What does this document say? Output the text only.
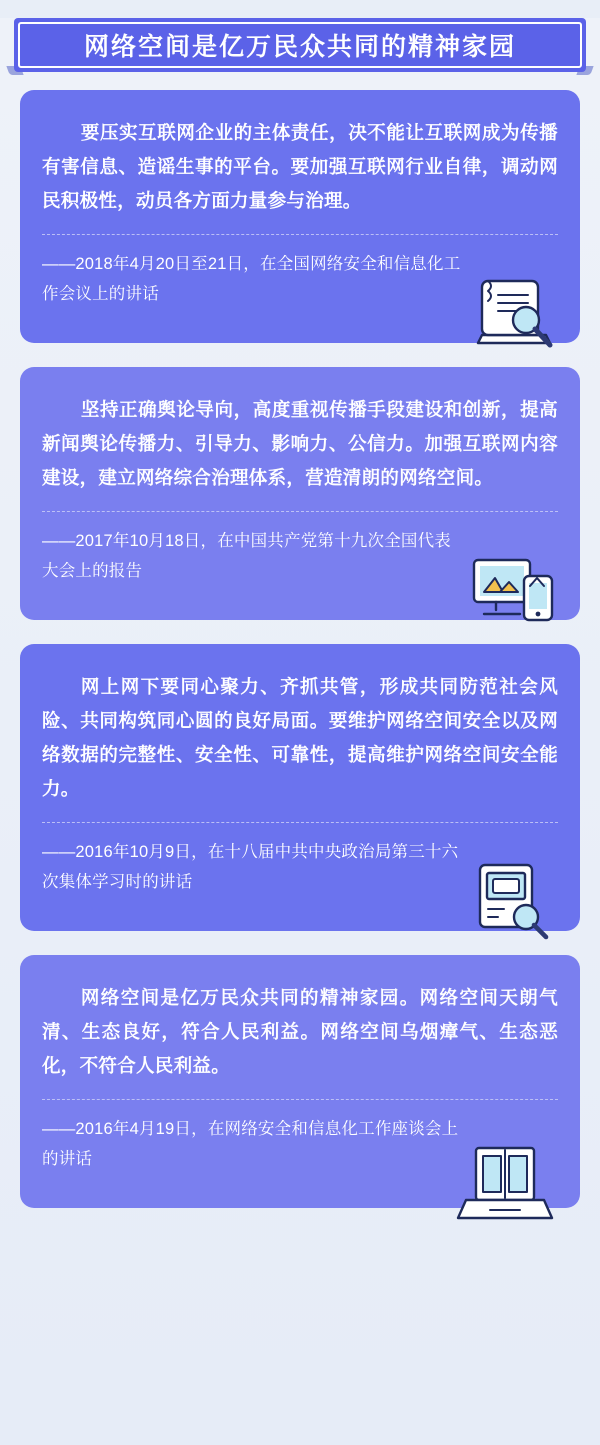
网络空间是亿万民众共同的精神家园
要压实互联网企业的主体责任，决不能让互联网成为传播有害信息、造谣生事的平台。要加强互联网行业自律，调动网民积极性，动员各方面力量参与治理。
——2018年4月20日至21日，在全国网络安全和信息化工作会议上的讲话
坚持正确舆论导向，高度重视传播手段建设和创新，提高新闻舆论传播力、引导力、影响力、公信力。加强互联网内容建设，建立网络综合治理体系，营造清朗的网络空间。
——2017年10月18日，在中国共产党第十九次全国代表大会上的报告
网上网下要同心聚力、齐抓共管，形成共同防范社会风险、共同构筑同心圆的良好局面。要维护网络空间安全以及网络数据的完整性、安全性、可靠性，提高维护网络空间安全能力。
——2016年10月9日，在十八届中共中央政治局第三十六次集体学习时的讲话
网络空间是亿万民众共同的精神家园。网络空间天朗气清、生态良好，符合人民利益。网络空间乌烟瘴气、生态恶化，不符合人民利益。
——2016年4月19日，在网络安全和信息化工作座谈会上的讲话
